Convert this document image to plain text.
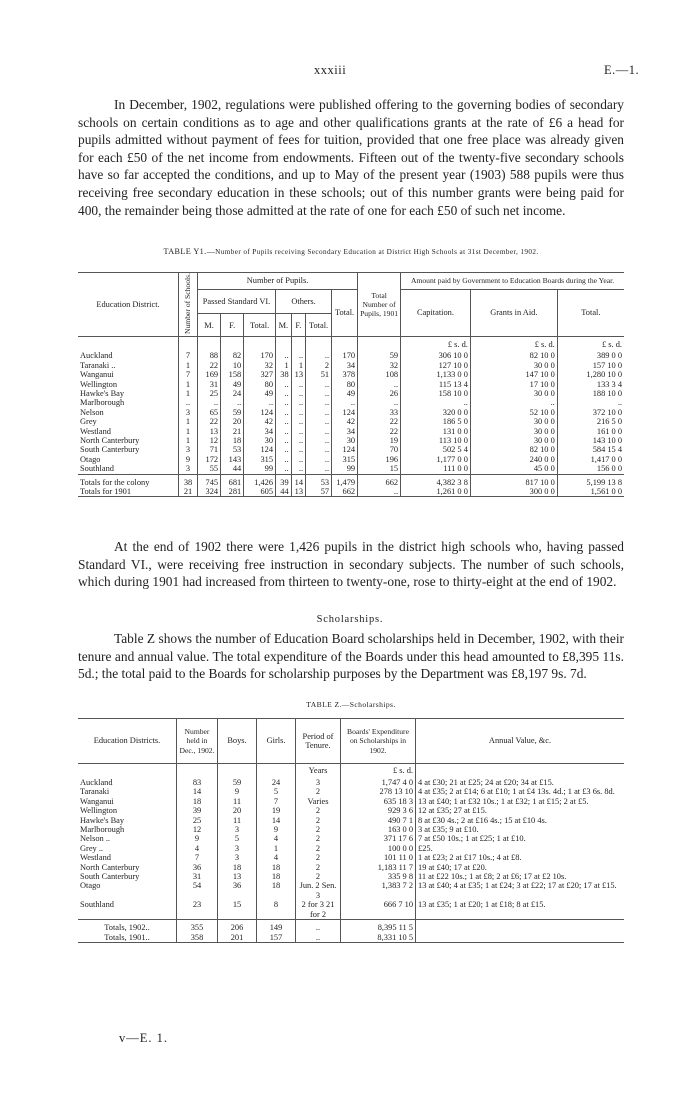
xxxiii	E.—1.

In December, 1902, regulations were published offering to the governing bodies of secondary schools on certain conditions as to age and other qualifications grants at the rate of £6 a head for pupils admitted without payment of fees for tuition, provided that one free place was already given for each £50 of the net income from endowments. Fifteen out of the twenty-five secondary schools have so far accepted the conditions, and up to May of the present year (1903) 588 pupils were thus receiving free secondary education in these schools; out of this number grants were being paid for 400, the remainder being those admitted at the rate of one for each £50 of such net income.

TABLE Y1.—Number of Pupils receiving Secondary Education at District High Schools at 31st December, 1902.
Education District.	Number of Schools.	Number of Pupils.							Total Number of Pupils, 1901	Amount paid by Government to Education Boards during the Year.		
		Passed Standard VI.			Others.			Total.		Capitation.	Grants in Aid.	Total.
		M.	F.	Total.	M.	F.	Total.					
										£ s. d.	£ s. d.	£ s. d.
Auckland	7	88	82	170	..	..	..	170	59	306 10 0	82 10 0	389 0 0
Taranaki ..	1	22	10	32	1	1	2	34	32	127 10 0	30 0 0	157 10 0
Wanganui	7	169	158	327	38	13	51	378	108	1,133 0 0	147 10 0	1,280 10 0
Wellington	1	31	49	80	..	..	..	80	..	115 13 4	17 10 0	133 3 4
Hawke's Bay	1	25	24	49	..	..	..	49	26	158 10 0	30 0 0	188 10 0
Marlborough	..	..	..	..	..	..	..	..	..	..	..	..
Nelson	3	65	59	124	..	..	..	124	33	320 0 0	52 10 0	372 10 0
Grey	1	22	20	42	..	..	..	42	22	186 5 0	30 0 0	216 5 0
Westland	1	13	21	34	..	..	..	34	22	131 0 0	30 0 0	161 0 0
North Canterbury	1	12	18	30	..	..	..	30	19	113 10 0	30 0 0	143 10 0
South Canterbury	3	71	53	124	..	..	..	124	70	502 5 4	82 10 0	584 15 4
Otago	9	172	143	315	..	..	..	315	196	1,177 0 0	240 0 0	1,417 0 0
Southland	3	55	44	99	..	..	..	99	15	111 0 0	45 0 0	156 0 0
Totals for the colony	38	745	681	1,426	39	14	53	1,479	662	4,382 3 8	817 10 0	5,199 13 8
Totals for 1901	21	324	281	605	44	13	57	662	..	1,261 0 0	300 0 0	1,561 0 0

At the end of 1902 there were 1,426 pupils in the district high schools who, having passed Standard VI., were receiving free instruction in secondary subjects. The number of such schools, which during 1901 had increased from thirteen to twenty-one, rose to thirty-eight at the end of 1902.

Scholarships.

Table Z shows the number of Education Board scholarships held in December, 1902, with their tenure and annual value. The total expenditure of the Boards under this head amounted to £8,395 11s. 5d.; the total paid to the Boards for scholarship purposes by the Department was £8,197 9s. 7d.

TABLE Z.—Scholarships.
Education Districts.	Number held in Dec., 1902.	Boys.	Girls.	Period of Tenure.	Boards' Expenditure on Scholarships in 1902.	Annual Value, &c.
				Years	£ s. d.	
Auckland	83	59	24	3	1,747 4 0	4 at £30; 21 at £25; 24 at £20; 34 at £15.
Taranaki	14	9	5	2	278 13 10	4 at £35; 2 at £14; 6 at £10; 1 at £4 13s. 4d.; 1 at £3 6s. 8d.
Wanganui	18	11	7	Varies	635 18 3	13 at £40; 1 at £32 10s.; 1 at £32; 1 at £15; 2 at £5.
Wellington	39	20	19	2	929 3 6	12 at £35; 27 at £15.
Hawke's Bay	25	11	14	2	490 7 1	8 at £30 4s.; 2 at £16 4s.; 15 at £10 4s.
Marlborough	12	3	9	2	163 0 0	3 at £35; 9 at £10.
Nelson ..	9	5	4	2	371 17 6	7 at £50 10s.; 1 at £25; 1 at £10.
Grey ..	4	3	1	2	100 0 0	£25.
Westland	7	3	4	2	101 11 0	1 at £23; 2 at £17 10s.; 4 at £8.
North Canterbury	36	18	18	2	1,183 11 7	19 at £40; 17 at £20.
South Canterbury	31	13	18	2	335 9 8	11 at £22 10s.; 1 at £8; 2 at £6; 17 at £2 10s.
Otago	54	36	18	Jun. 2 Sen. 3	1,383 7 2	13 at £40; 4 at £35; 1 at £24; 3 at £22; 17 at £20; 17 at £15.
Southland	23	15	8	2 for 3 21 for 2	666 7 10	13 at £35; 1 at £20; 1 at £18; 8 at £15.
Totals, 1902..	355	206	149	..	8,395 11 5	
Totals, 1901..	358	201	157	..	8,331 10 5	
v—E. 1.
